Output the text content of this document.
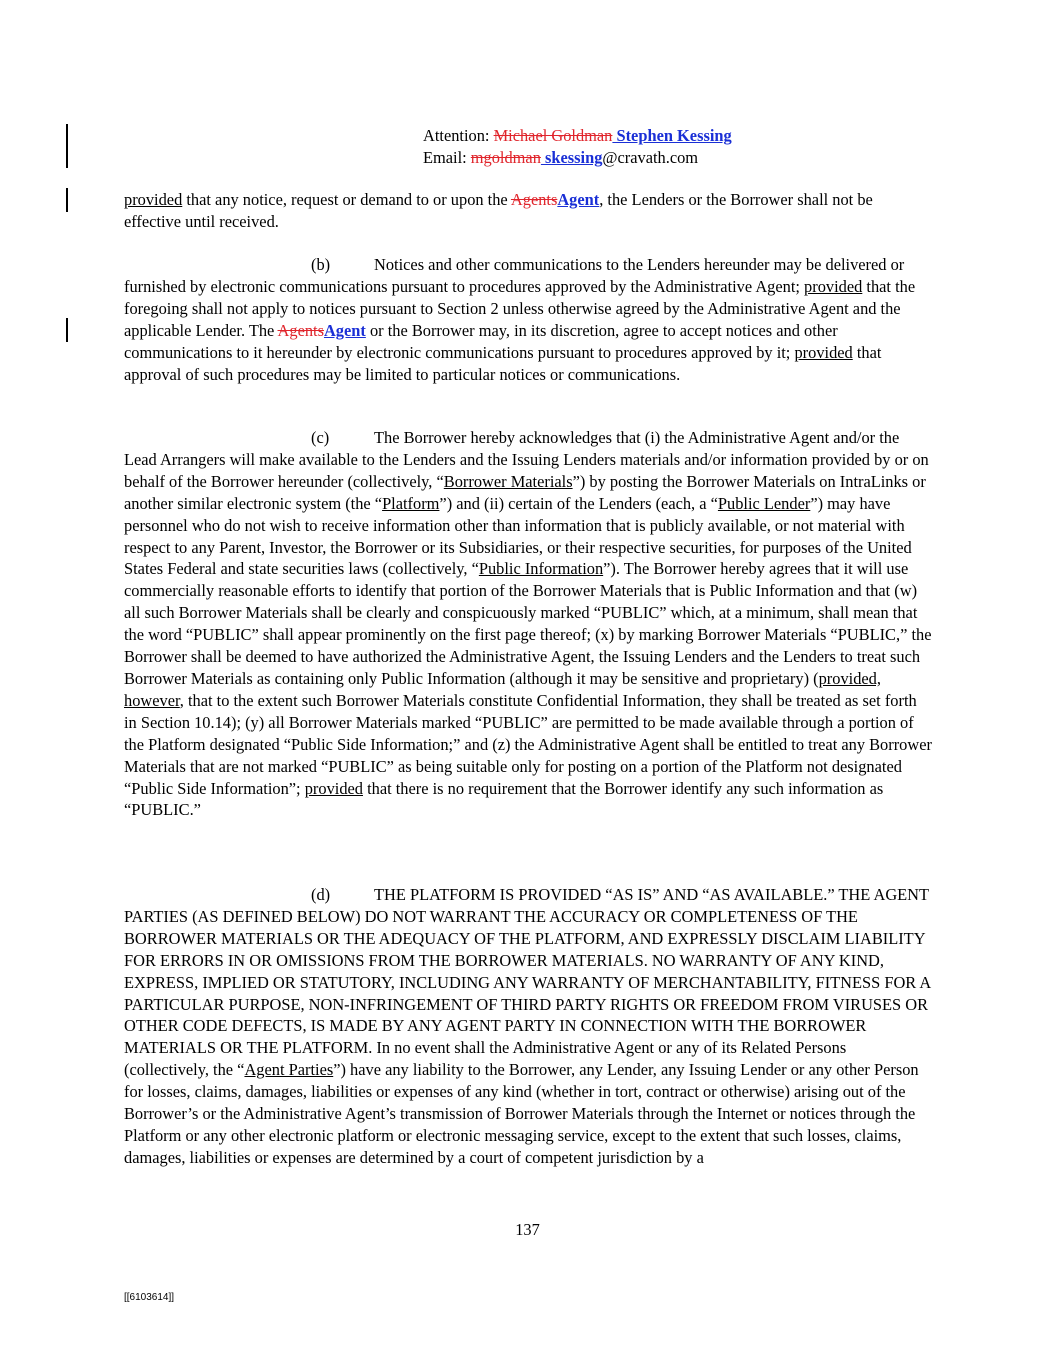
Attention: Michael Goldman Stephen Kessing
Email: mgoldman skessing@cravath.com

provided that any notice, request or demand to or upon the AgentsAgent, the Lenders or the Borrower shall not be effective until received.

(b)	Notices and other communications to the Lenders hereunder may be delivered or furnished by electronic communications pursuant to procedures approved by the Administrative Agent; provided that the foregoing shall not apply to notices pursuant to Section 2 unless otherwise agreed by the Administrative Agent and the applicable Lender. The AgentsAgent or the Borrower may, in its discretion, agree to accept notices and other communications to it hereunder by electronic communications pursuant to procedures approved by it; provided that approval of such procedures may be limited to particular notices or communications.

(c)	The Borrower hereby acknowledges that (i) the Administrative Agent and/or the Lead Arrangers will make available to the Lenders and the Issuing Lenders materials and/or information provided by or on behalf of the Borrower hereunder (collectively, “Borrower Materials”) by posting the Borrower Materials on IntraLinks or another similar electronic system (the “Platform”) and (ii) certain of the Lenders (each, a “Public Lender”) may have personnel who do not wish to receive information other than information that is publicly available, or not material with respect to any Parent, Investor, the Borrower or its Subsidiaries, or their respective securities, for purposes of the United States Federal and state securities laws (collectively, “Public Information”). The Borrower hereby agrees that it will use commercially reasonable efforts to identify that portion of the Borrower Materials that is Public Information and that (w) all such Borrower Materials shall be clearly and conspicuously marked “PUBLIC” which, at a minimum, shall mean that the word “PUBLIC” shall appear prominently on the first page thereof; (x) by marking Borrower Materials “PUBLIC,” the Borrower shall be deemed to have authorized the Administrative Agent, the Issuing Lenders and the Lenders to treat such Borrower Materials as containing only Public Information (although it may be sensitive and proprietary) (provided, however, that to the extent such Borrower Materials constitute Confidential Information, they shall be treated as set forth in Section 10.14); (y) all Borrower Materials marked “PUBLIC” are permitted to be made available through a portion of the Platform designated “Public Side Information;” and (z) the Administrative Agent shall be entitled to treat any Borrower Materials that are not marked “PUBLIC” as being suitable only for posting on a portion of the Platform not designated “Public Side Information”; provided that there is no requirement that the Borrower identify any such information as “PUBLIC.”

(d)	THE PLATFORM IS PROVIDED “AS IS” AND “AS AVAILABLE.” THE AGENT PARTIES (AS DEFINED BELOW) DO NOT WARRANT THE ACCURACY OR COMPLETENESS OF THE BORROWER MATERIALS OR THE ADEQUACY OF THE PLATFORM, AND EXPRESSLY DISCLAIM LIABILITY FOR ERRORS IN OR OMISSIONS FROM THE BORROWER MATERIALS. NO WARRANTY OF ANY KIND, EXPRESS, IMPLIED OR STATUTORY, INCLUDING ANY WARRANTY OF MERCHANTABILITY, FITNESS FOR A PARTICULAR PURPOSE, NON-INFRINGEMENT OF THIRD PARTY RIGHTS OR FREEDOM FROM VIRUSES OR OTHER CODE DEFECTS, IS MADE BY ANY AGENT PARTY IN CONNECTION WITH THE BORROWER MATERIALS OR THE PLATFORM. In no event shall the Administrative Agent or any of its Related Persons (collectively, the “Agent Parties”) have any liability to the Borrower, any Lender, any Issuing Lender or any other Person for losses, claims, damages, liabilities or expenses of any kind (whether in tort, contract or otherwise) arising out of the Borrower’s or the Administrative Agent’s transmission of Borrower Materials through the Internet or notices through the Platform or any other electronic platform or electronic messaging service, except to the extent that such losses, claims, damages, liabilities or expenses are determined by a court of competent jurisdiction by a

137
[[6103614]]
